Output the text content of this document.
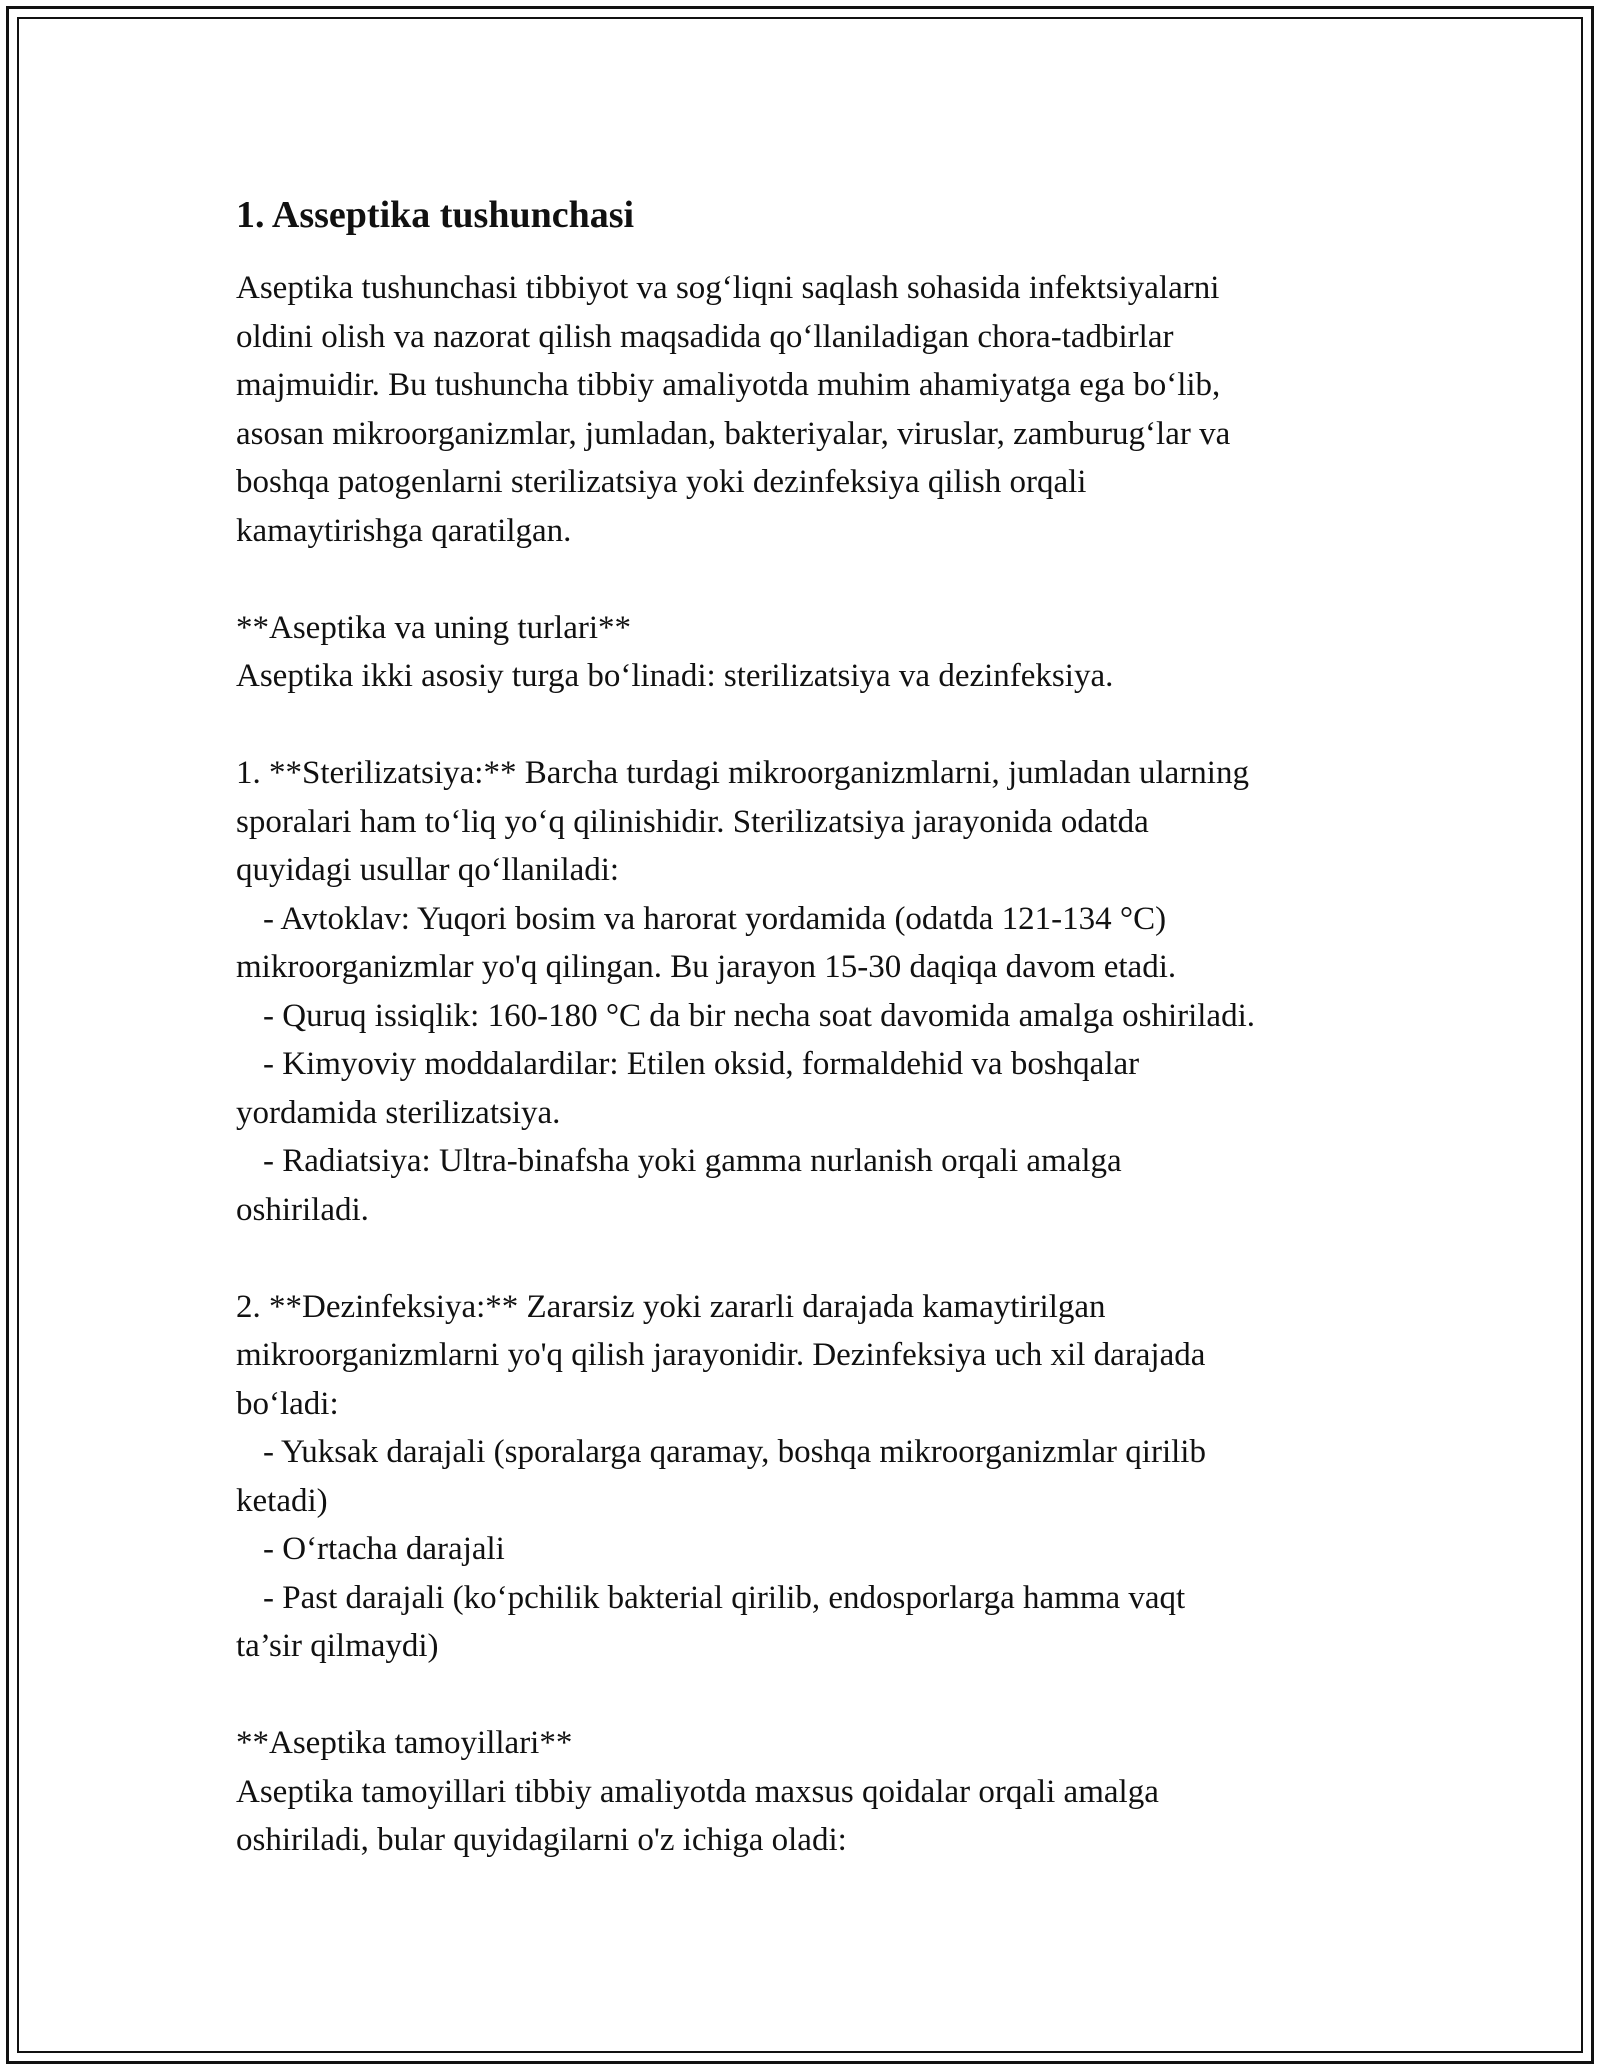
1. Asseptika tushunchasi

Aseptika tushunchasi tibbiyot va sog‘liqni saqlash sohasida infektsiyalarni
oldini olish va nazorat qilish maqsadida qo‘llaniladigan chora-tadbirlar
majmuidir. Bu tushuncha tibbiy amaliyotda muhim ahamiyatga ega bo‘lib,
asosan mikroorganizmlar, jumladan, bakteriyalar, viruslar, zamburug‘lar va
boshqa patogenlarni sterilizatsiya yoki dezinfeksiya qilish orqali
kamaytirishga qaratilgan.

**Aseptika va uning turlari**
Aseptika ikki asosiy turga bo‘linadi: sterilizatsiya va dezinfeksiya.

1. **Sterilizatsiya:** Barcha turdagi mikroorganizmlarni, jumladan ularning
sporalari ham to‘liq yo‘q qilinishidir. Sterilizatsiya jarayonida odatda
quyidagi usullar qo‘llaniladi:
- Avtoklav: Yuqori bosim va harorat yordamida (odatda 121-134 °C)
mikroorganizmlar yo'q qilingan. Bu jarayon 15-30 daqiqa davom etadi.
- Quruq issiqlik: 160-180 °C da bir necha soat davomida amalga oshiriladi.
- Kimyoviy moddalardilar: Etilen oksid, formaldehid va boshqalar
yordamida sterilizatsiya.
- Radiatsiya: Ultra-binafsha yoki gamma nurlanish orqali amalga
oshiriladi.

2. **Dezinfeksiya:** Zararsiz yoki zararli darajada kamaytirilgan
mikroorganizmlarni yo'q qilish jarayonidir. Dezinfeksiya uch xil darajada
bo‘ladi:
- Yuksak darajali (sporalarga qaramay, boshqa mikroorganizmlar qirilib
ketadi)
- O‘rtacha darajali
- Past darajali (ko‘pchilik bakterial qirilib, endosporlarga hamma vaqt
ta’sir qilmaydi)

**Aseptika tamoyillari**
Aseptika tamoyillari tibbiy amaliyotda maxsus qoidalar orqali amalga
oshiriladi, bular quyidagilarni o'z ichiga oladi:
